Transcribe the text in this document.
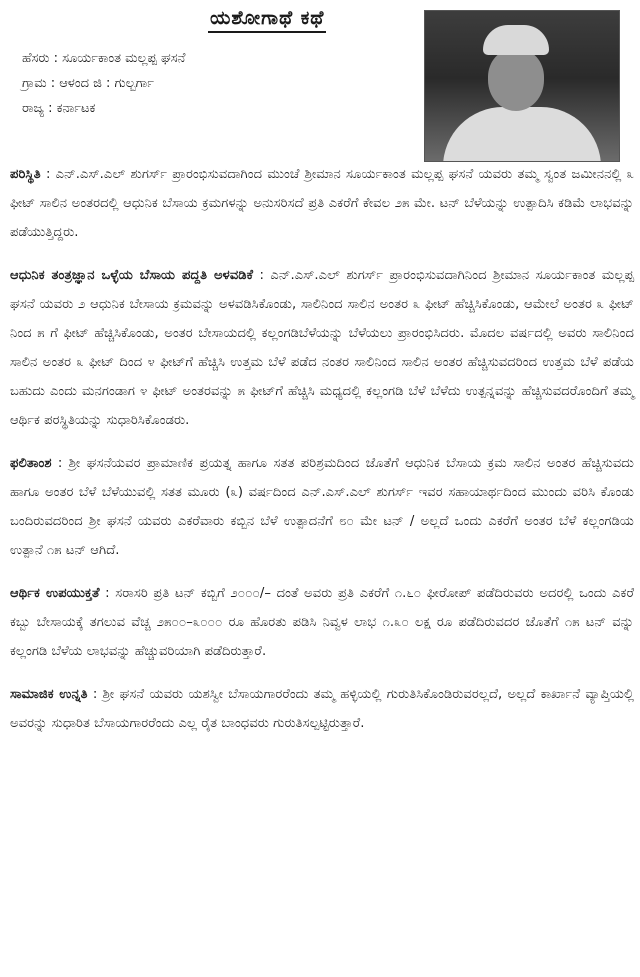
ಯಶೋಗಾಥೆ ಕಥೆ
ಹೆಸರು : ಸೂರ್ಯಕಾಂತ ಮಲ್ಲಪ್ಪ ಘಸನೆ
ಗ್ರಾಮ : ಆಳಂದ ಜಿ : ಗುಲ್ಬರ್ಗಾ
ರಾಜ್ಯ : ಕರ್ನಾಟಕ

ಪರಿಸ್ಥಿತಿ : ಎನ್.ಎಸ್.ಎಲ್ ಶುಗರ್ಸ್ ಪ್ರಾರಂಭಿಸುವದಾಗಿಂದ ಮುಂಚೆ ಶ್ರೀಮಾನ ಸೂರ್ಯಕಾಂತ ಮಲ್ಲಪ್ಪ ಘಸನೆ ಯವರು ತಮ್ಮ ಸ್ವಂತ ಜಮೀನನಲ್ಲಿ ೩ ಫೀಟ್ ಸಾಲಿನ ಅಂತರದಲ್ಲಿ ಆಧುನಿಕ ಬೆಸಾಯ ಕ್ರಮಗಳನ್ನು ಅನುಸರಿಸದೆ ಪ್ರತಿ ಎಕರೆಗೆ ಕೇವಲ ೨೫ ಮೇ. ಟನ್ ಬೆಳೆಯನ್ನು ಉತ್ಪಾದಿಸಿ ಕಡಿಮೆ ಲಾಭವನ್ನು ಪಡೆಯುತ್ತಿದ್ದರು.

ಆಧುನಿಕ ತಂತ್ರಜ್ಞಾನ ಒಳ್ಳೆಯ ಬೆಸಾಯ ಪದ್ದತಿ ಅಳವಡಿಕೆ : ಎನ್.ಎಸ್.ಎಲ್ ಶುಗರ್ಸ್ ಪ್ರಾರಂಭಿಸುವದಾಗಿನಿಂದ ಶ್ರೀಮಾನ ಸೂರ್ಯಕಾಂತ ಮಲ್ಲಪ್ಪ ಘಸನೆ ಯವರು ೨ ಆಧುನಿಕ ಬೇಸಾಯ ಕ್ರಮವನ್ನು ಅಳವಡಿಸಿಕೊಂಡು, ಸಾಲಿನಿಂದ ಸಾಲಿನ ಅಂತರ ೩ ಫೀಟ್ ಹೆಚ್ಚಿಸಿಕೊಂಡು, ಆಮೇಲೆ ಅಂತರ ೩ ಫೀಟ್ ನಿಂದ ೫ ಗೆ ಫೀಟ್ ಹೆಚ್ಚಿಸಿಕೊಂಡು, ಅಂತರ ಬೇಸಾಯದಲ್ಲಿ ಕಲ್ಲಂಗಡಿಬೆಳೆಯನ್ನು ಬೆಳೆಯಲು ಪ್ರಾರಂಭಿಸಿದರು. ಮೊದಲ ವರ್ಷದಲ್ಲಿ ಅವರು ಸಾಲಿನಿಂದ ಸಾಲಿನ ಅಂತರ ೩ ಫೀಟ್ ದಿಂದ ೪ ಫೀಟ್‌ಗೆ ಹೆಚ್ಚಿಸಿ ಉತ್ತಮ ಬೆಳೆ ಪಡೆದ ನಂತರ ಸಾಲಿನಿಂದ ಸಾಲಿನ ಅಂತರ ಹೆಚ್ಚಿಸುವದರಿಂದ ಉತ್ತಮ ಬೆಳೆ ಪಡೆಯ ಬಹುದು ಎಂದು ಮನಗಂಡಾಗ ೪ ಫೀಟ್ ಅಂತರವನ್ನು ೫ ಫೀಟ್‌ಗೆ ಹೆಚ್ಚಿಸಿ ಮಧ್ಯದಲ್ಲಿ ಕಲ್ಲಂಗಡಿ ಬೆಳೆ ಬೆಳೆದು ಉತ್ಪನ್ನವನ್ನು ಹೆಚ್ಚಿಸುವದರೊಂದಿಗೆ ತಮ್ಮ ಆರ್ಥಿಕ ಪರಸ್ಥಿತಿಯನ್ನು ಸುಧಾರಿಸಿಕೊಂಡರು.

ಫಲಿತಾಂಶ : ಶ್ರೀ ಘಸನೆಯವರ ಪ್ರಾಮಾಣಿಕ ಪ್ರಯತ್ನ ಹಾಗೂ ಸತತ ಪರಿಶ್ರಮದಿಂದ ಜೊತೆಗೆ ಆಧುನಿಕ ಬೆಸಾಯ ಕ್ರಮ ಸಾಲಿನ ಅಂತರ ಹೆಚ್ಚಿಸುವದು ಹಾಗೂ ಅಂತರ ಬೆಳೆ ಬೆಳೆಯುವಲ್ಲಿ ಸತತ ಮೂರು (೩) ವರ್ಷದಿಂದ ಎನ್.ಎಸ್.ಎಲ್ ಶುಗರ್ಸ್ ಇವರ ಸಹಾಯಾರ್ಥದಿಂದ ಮುಂದು ವರಿಸಿ ಕೊಂಡು ಬಂದಿರುವದರಿಂದ ಶ್ರೀ ಘಸನೆ ಯವರು ಎಕರೆವಾರು ಕಬ್ಬಿನ ಬೆಳೆ ಉತ್ಪಾದನೆಗೆ ೮೦ ಮೇ ಟನ್ / ಅಲ್ಲದೆ ಒಂದು ಎಕರೆಗೆ ಅಂತರ ಬೆಳೆ ಕಲ್ಲಂಗಡಿಯ ಉತ್ಪಾನೆ ೧೫ ಟನ್ ಆಗಿದೆ.

ಆರ್ಥಿಕ ಉಪಯುಕ್ತತೆ : ಸರಾಸರಿ ಪ್ರತಿ ಟನ್ ಕಬ್ಬಿಗೆ ೨೦೦೦/– ದಂತೆ ಅವರು ಪ್ರತಿ ಎಕರೆಗೆ ೧.೬೦ ಫೀರೋಪ್ ಪಡೆದಿರುವರು ಅದರಲ್ಲಿ ಒಂದು ಎಕರೆ ಕಬ್ಬು ಬೇಸಾಯಕ್ಕೆ ತಗಲುವ ವೆಚ್ಚ ೨೫೦೦–೩೦೦೦ ರೂ ಹೊರತು ಪಡಿಸಿ ನಿವ್ವಳ ಲಾಭ ೧.೩೦ ಲಕ್ಷ ರೂ ಪಡೆದಿರುವದರ ಜೊತೆಗೆ ೧೫ ಟನ್ ವನ್ನು ಕಲ್ಲಂಗಡಿ ಬೆಳೆಯ ಲಾಭವನ್ನು ಹೆಚ್ಚುವರಿಯಾಗಿ ಪಡೆದಿರುತ್ತಾರೆ.

ಸಾಮಾಜಿಕ ಉನ್ನತಿ : ಶ್ರೀ ಘಸನೆ ಯವರು ಯಶಸ್ವೀ ಬೆಸಾಯಗಾರರೆಂದು ತಮ್ಮ ಹಳ್ಳಿಯಲ್ಲಿ ಗುರುತಿಸಿಕೊಂಡಿರುವರಲ್ಲದೆ, ಅಲ್ಲದೆ ಕಾರ್ಖಾನೆ ವ್ಯಾಪ್ತಿಯಲ್ಲಿ ಅವರನ್ನು ಸುಧಾರಿತ ಬೆಸಾಯಗಾರರೆಂದು ಎಲ್ಲ ರೈತ ಬಾಂಧವರು ಗುರುತಿಸಲ್ಪಟ್ಟಿರುತ್ತಾರೆ.
